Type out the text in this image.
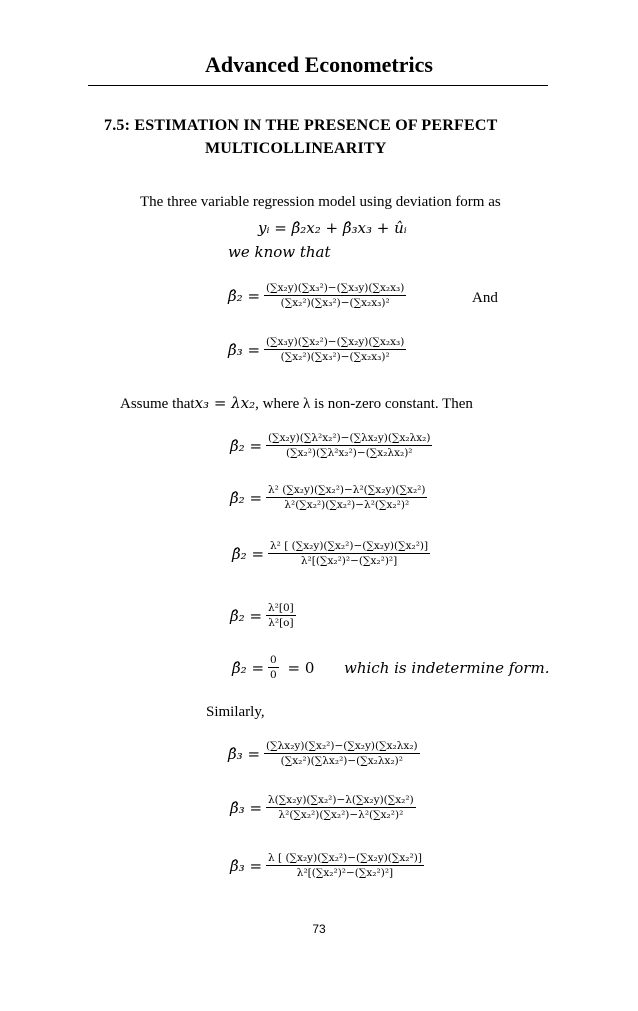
Advanced Econometrics
7.5: ESTIMATION IN THE PRESENCE OF PERFECT
MULTICOLLINEARITY
The three variable regression model using deviation form as
yᵢ = β̂₂x₂ + β̂₃x₃ + ûᵢ
we know that
β̂₂ = $\frac{\text{(∑x₂y)(∑x₃²)−(∑x₃y)(∑x₂x₃)}}{\text{(∑x₂²)(∑x₃²)−(∑x₂x₃)²}}$	And
β̂₃ = $\frac{\text{(∑x₃y)(∑x₂²)−(∑x₂y)(∑x₂x₃)}}{\text{(∑x₂²)(∑x₃²)−(∑x₂x₃)²}}$
Assume thatx₃ = λx₂, where λ is non-zero constant. Then
β̂₂ = $\frac{\text{(∑x₂y)(∑λ²x₂²)−(∑λx₂y)(∑x₂λx₂)}}{\text{(∑x₂²)(∑λ²x₂²)−(∑x₂λx₂)²}}$
β̂₂ = $\frac{\text{λ² (∑x₂y)(∑x₂²)−λ²(∑x₂y)(∑x₂²)}}{\text{λ²(∑x₂²)(∑x₂²)−λ²(∑x₂²)²}}$
β̂₂ = $\frac{\text{λ² [ (∑x₂y)(∑x₂²)−(∑x₂y)(∑x₂²)]}}{\text{λ²[(∑x₂²)²−(∑x₂²)²]}}$
β̂₂ = $\frac{\text{λ²[0]}}{\text{λ²[o]}}$
β̂₂ = $\frac{0}{0} = 0$ which is indetermine form.
Similarly,
β̂₃ = $\frac{\text{(∑λx₂y)(∑x₂²)−(∑x₂y)(∑x₂λx₂)}}{\text{(∑x₂²)(∑λx₂²)−(∑x₂λx₂)²}}$
β̂₃ = $\frac{\text{λ(∑x₂y)(∑x₂²)−λ(∑x₂y)(∑x₂²)}}{\text{λ²(∑x₂²)(∑x₂²)−λ²(∑x₂²)²}}$
β̂₃ = $\frac{\text{λ [ (∑x₂y)(∑x₂²)−(∑x₂y)(∑x₂²)]}}{\text{λ²[(∑x₂²)²−(∑x₂²)²]}}$
73
